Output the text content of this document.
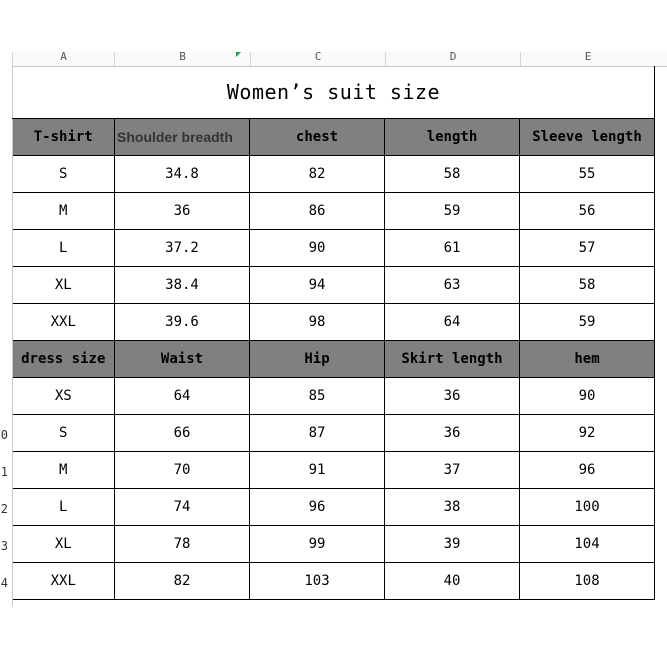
A	B	C	D	E
0
1
2
3
4
Women’s suit size				
T-shirt	Shoulder breadth	chest	length	Sleeve length
S	34.8	82	58	55
M	36	86	59	56
L	37.2	90	61	57
XL	38.4	94	63	58
XXL	39.6	98	64	59
dress size	Waist	Hip	Skirt length	hem
XS	64	85	36	90
S	66	87	36	92
M	70	91	37	96
L	74	96	38	100
XL	78	99	39	104
XXL	82	103	40	108
